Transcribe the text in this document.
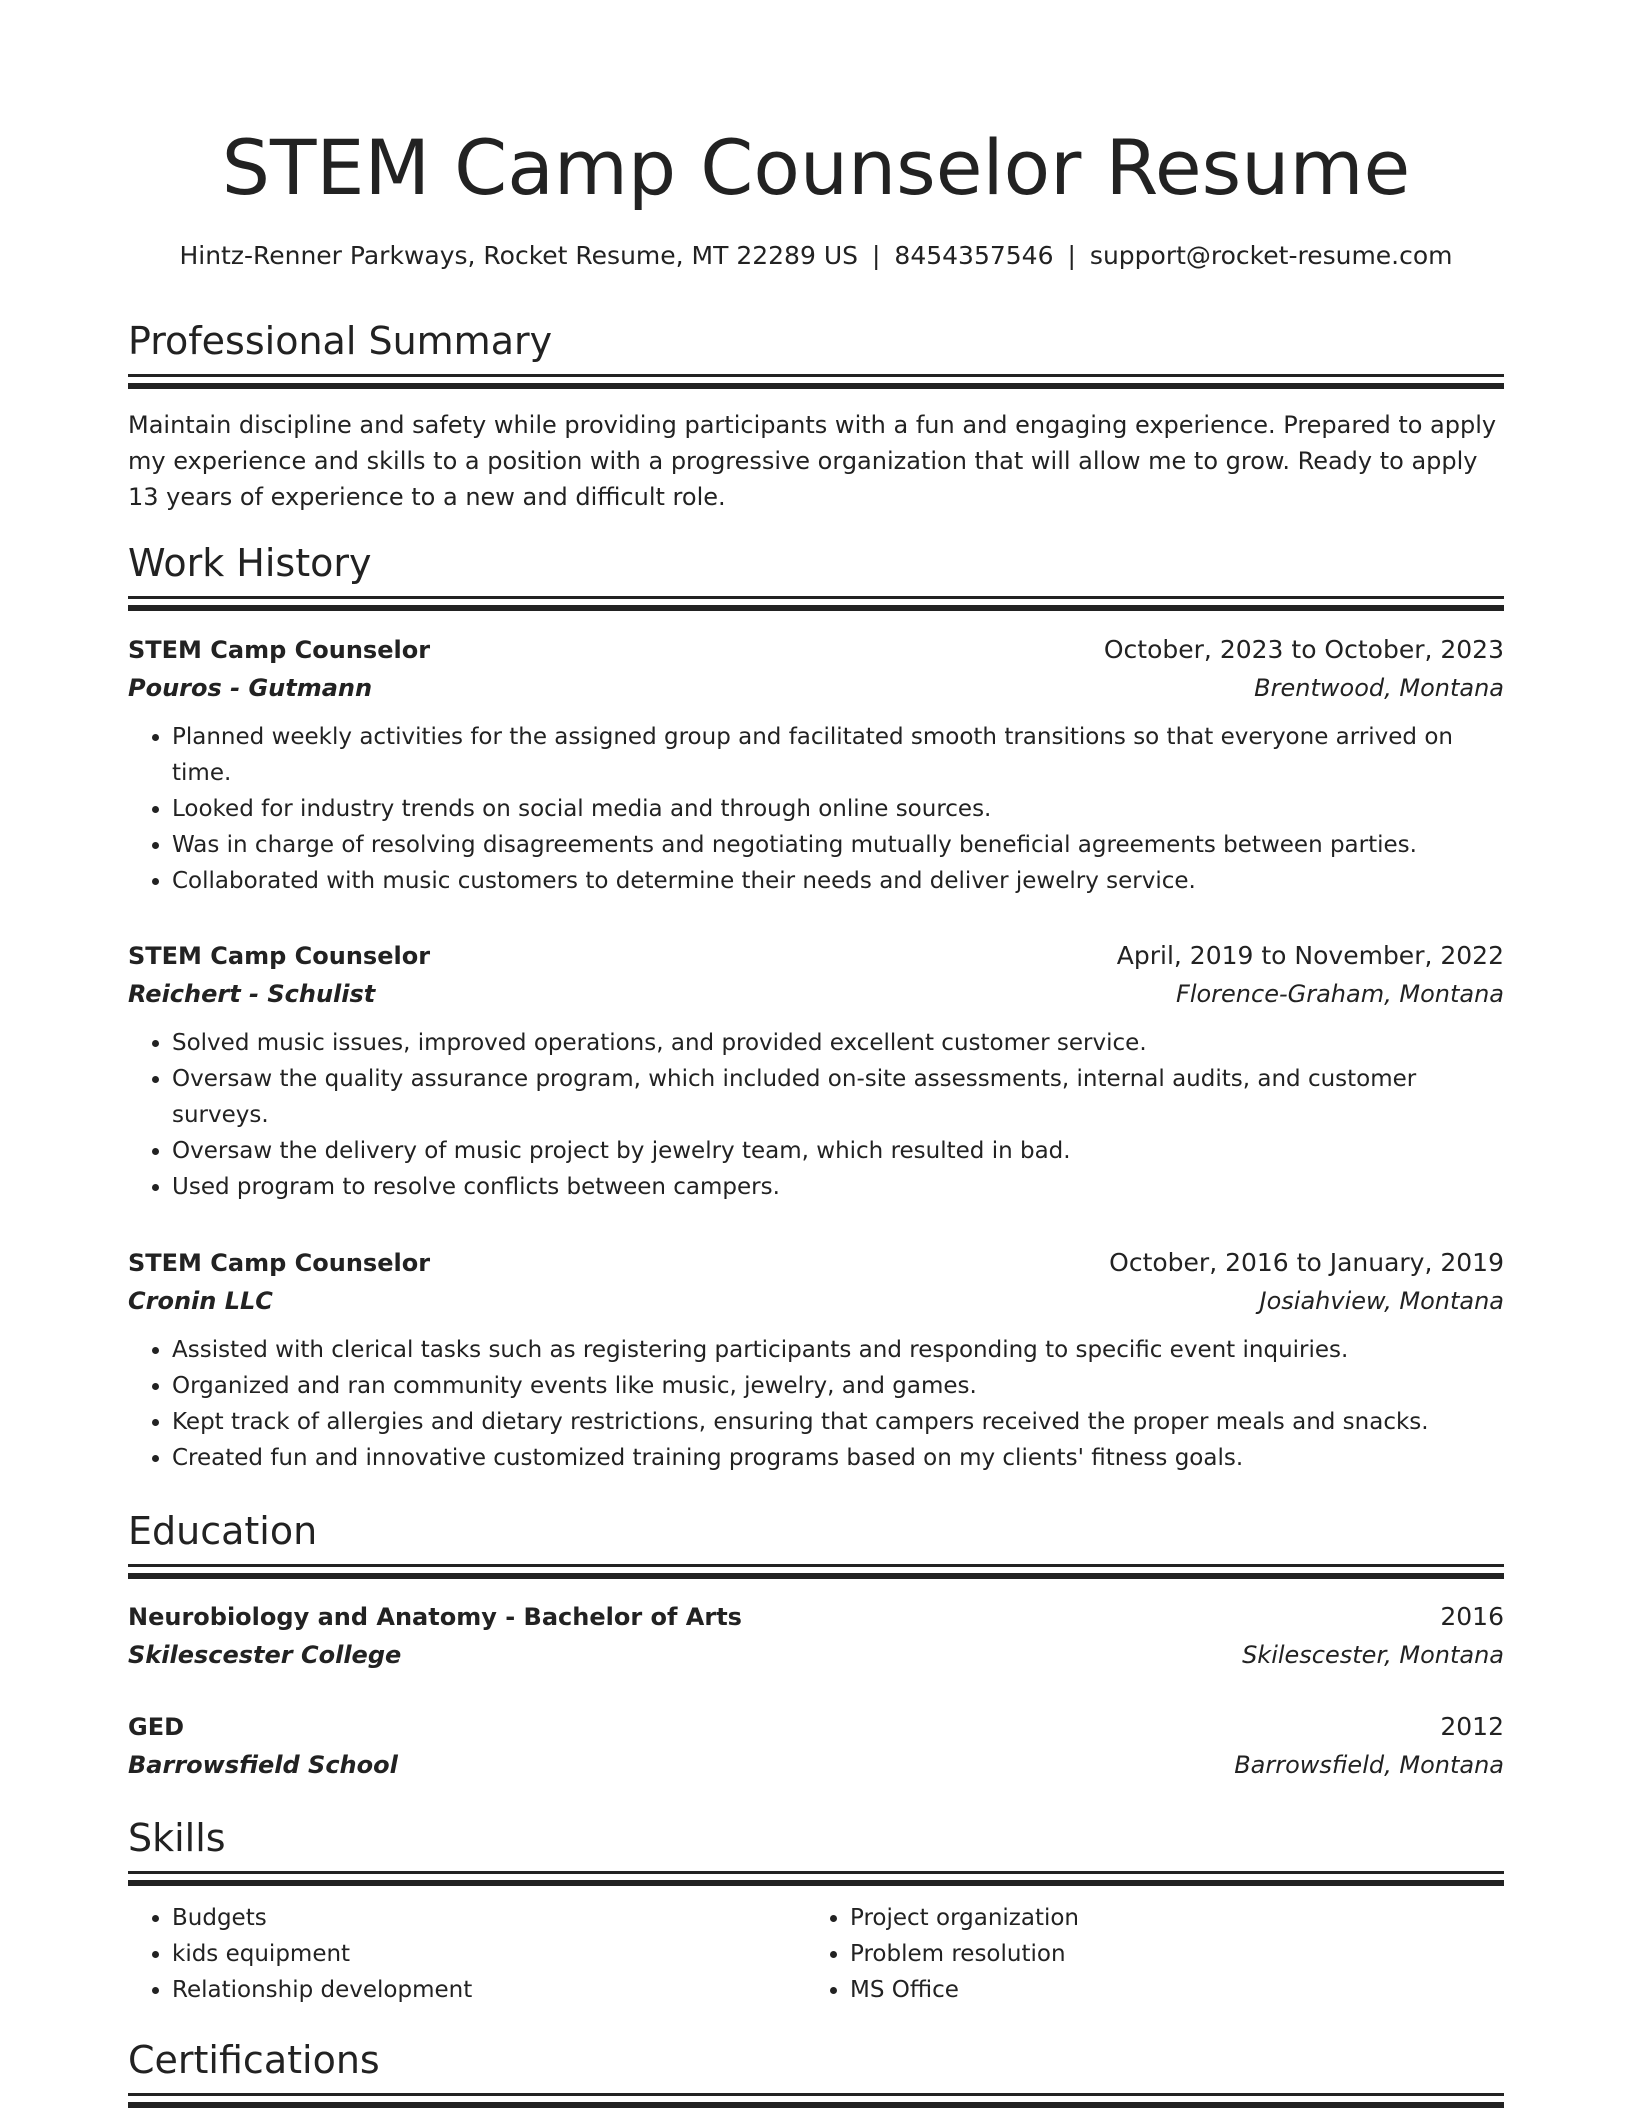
STEM Camp Counselor Resume
Hintz-Renner Parkways, Rocket Resume, MT 22289 US | 8454357546 | support@rocket-resume.com
Professional Summary

Maintain discipline and safety while providing participants with a fun and engaging experience. Prepared to apply my experience and skills to a position with a progressive organization that will allow me to grow. Ready to apply 13 years of experience to a new and difficult role.

Work History
STEM Camp Counselor	October, 2023 to October, 2023
Pouros - Gutmann	Brentwood, Montana
• Planned weekly activities for the assigned group and facilitated smooth transitions so that everyone arrived on time.
• Looked for industry trends on social media and through online sources.
• Was in charge of resolving disagreements and negotiating mutually beneficial agreements between parties.
• Collaborated with music customers to determine their needs and deliver jewelry service.
STEM Camp Counselor	April, 2019 to November, 2022
Reichert - Schulist	Florence-Graham, Montana
• Solved music issues, improved operations, and provided excellent customer service.
• Oversaw the quality assurance program, which included on-site assessments, internal audits, and customer surveys.
• Oversaw the delivery of music project by jewelry team, which resulted in bad.
• Used program to resolve conflicts between campers.
STEM Camp Counselor	October, 2016 to January, 2019
Cronin LLC	Josiahview, Montana
• Assisted with clerical tasks such as registering participants and responding to specific event inquiries.
• Organized and ran community events like music, jewelry, and games.
• Kept track of allergies and dietary restrictions, ensuring that campers received the proper meals and snacks.
• Created fun and innovative customized training programs based on my clients' fitness goals.
Education
Neurobiology and Anatomy - Bachelor of Arts	2016
Skilescester College	Skilescester, Montana
GED	2012
Barrowsfield School	Barrowsfield, Montana
Skills
• Budgets
• kids equipment
• Relationship development
• Project organization
• Problem resolution
• MS Office
Certifications
